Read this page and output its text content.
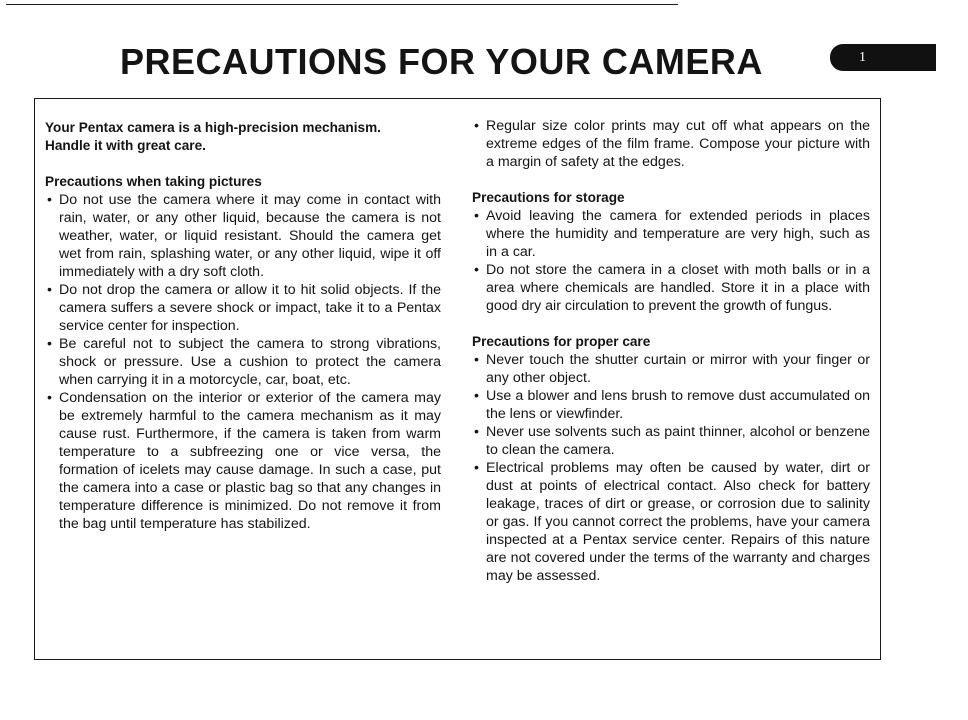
PRECAUTIONS FOR YOUR CAMERA	1

Your Pentax camera is a high-precision mechanism.
Handle it with great care.

Precautions when taking pictures

• Do not use the camera where it may come in contact with rain, water, or any other liquid, because the camera is not weather, water, or liquid resistant. Should the camera get wet from rain, splashing water, or any other liquid, wipe it off immediately with a dry soft cloth.
• Do not drop the camera or allow it to hit solid objects. If the camera suffers a severe shock or impact, take it to a Pentax service center for inspection.
• Be careful not to subject the camera to strong vibrations, shock or pressure. Use a cushion to protect the camera when carrying it in a motorcycle, car, boat, etc.
• Condensation on the interior or exterior of the camera may be extremely harmful to the camera mechanism as it may cause rust. Furthermore, if the camera is taken from warm temperature to a subfreezing one or vice versa, the formation of icelets may cause damage. In such a case, put the camera into a case or plastic bag so that any changes in temperature difference is minimized. Do not remove it from the bag until temperature has stabilized.
• Regular size color prints may cut off what appears on the extreme edges of the film frame. Compose your picture with a margin of safety at the edges.

Precautions for storage

• Avoid leaving the camera for extended periods in places where the humidity and temperature are very high, such as in a car.
• Do not store the camera in a closet with moth balls or in a area where chemicals are handled. Store it in a place with good dry air circulation to prevent the growth of fungus.

Precautions for proper care

• Never touch the shutter curtain or mirror with your finger or any other object.
• Use a blower and lens brush to remove dust accumulated on the lens or viewfinder.
• Never use solvents such as paint thinner, alcohol or benzene to clean the camera.
• Electrical problems may often be caused by water, dirt or dust at points of electrical contact. Also check for battery leakage, traces of dirt or grease, or corrosion due to salinity or gas. If you cannot correct the problems, have your camera inspected at a Pentax service center. Repairs of this nature are not covered under the terms of the warranty and charges may be assessed.
